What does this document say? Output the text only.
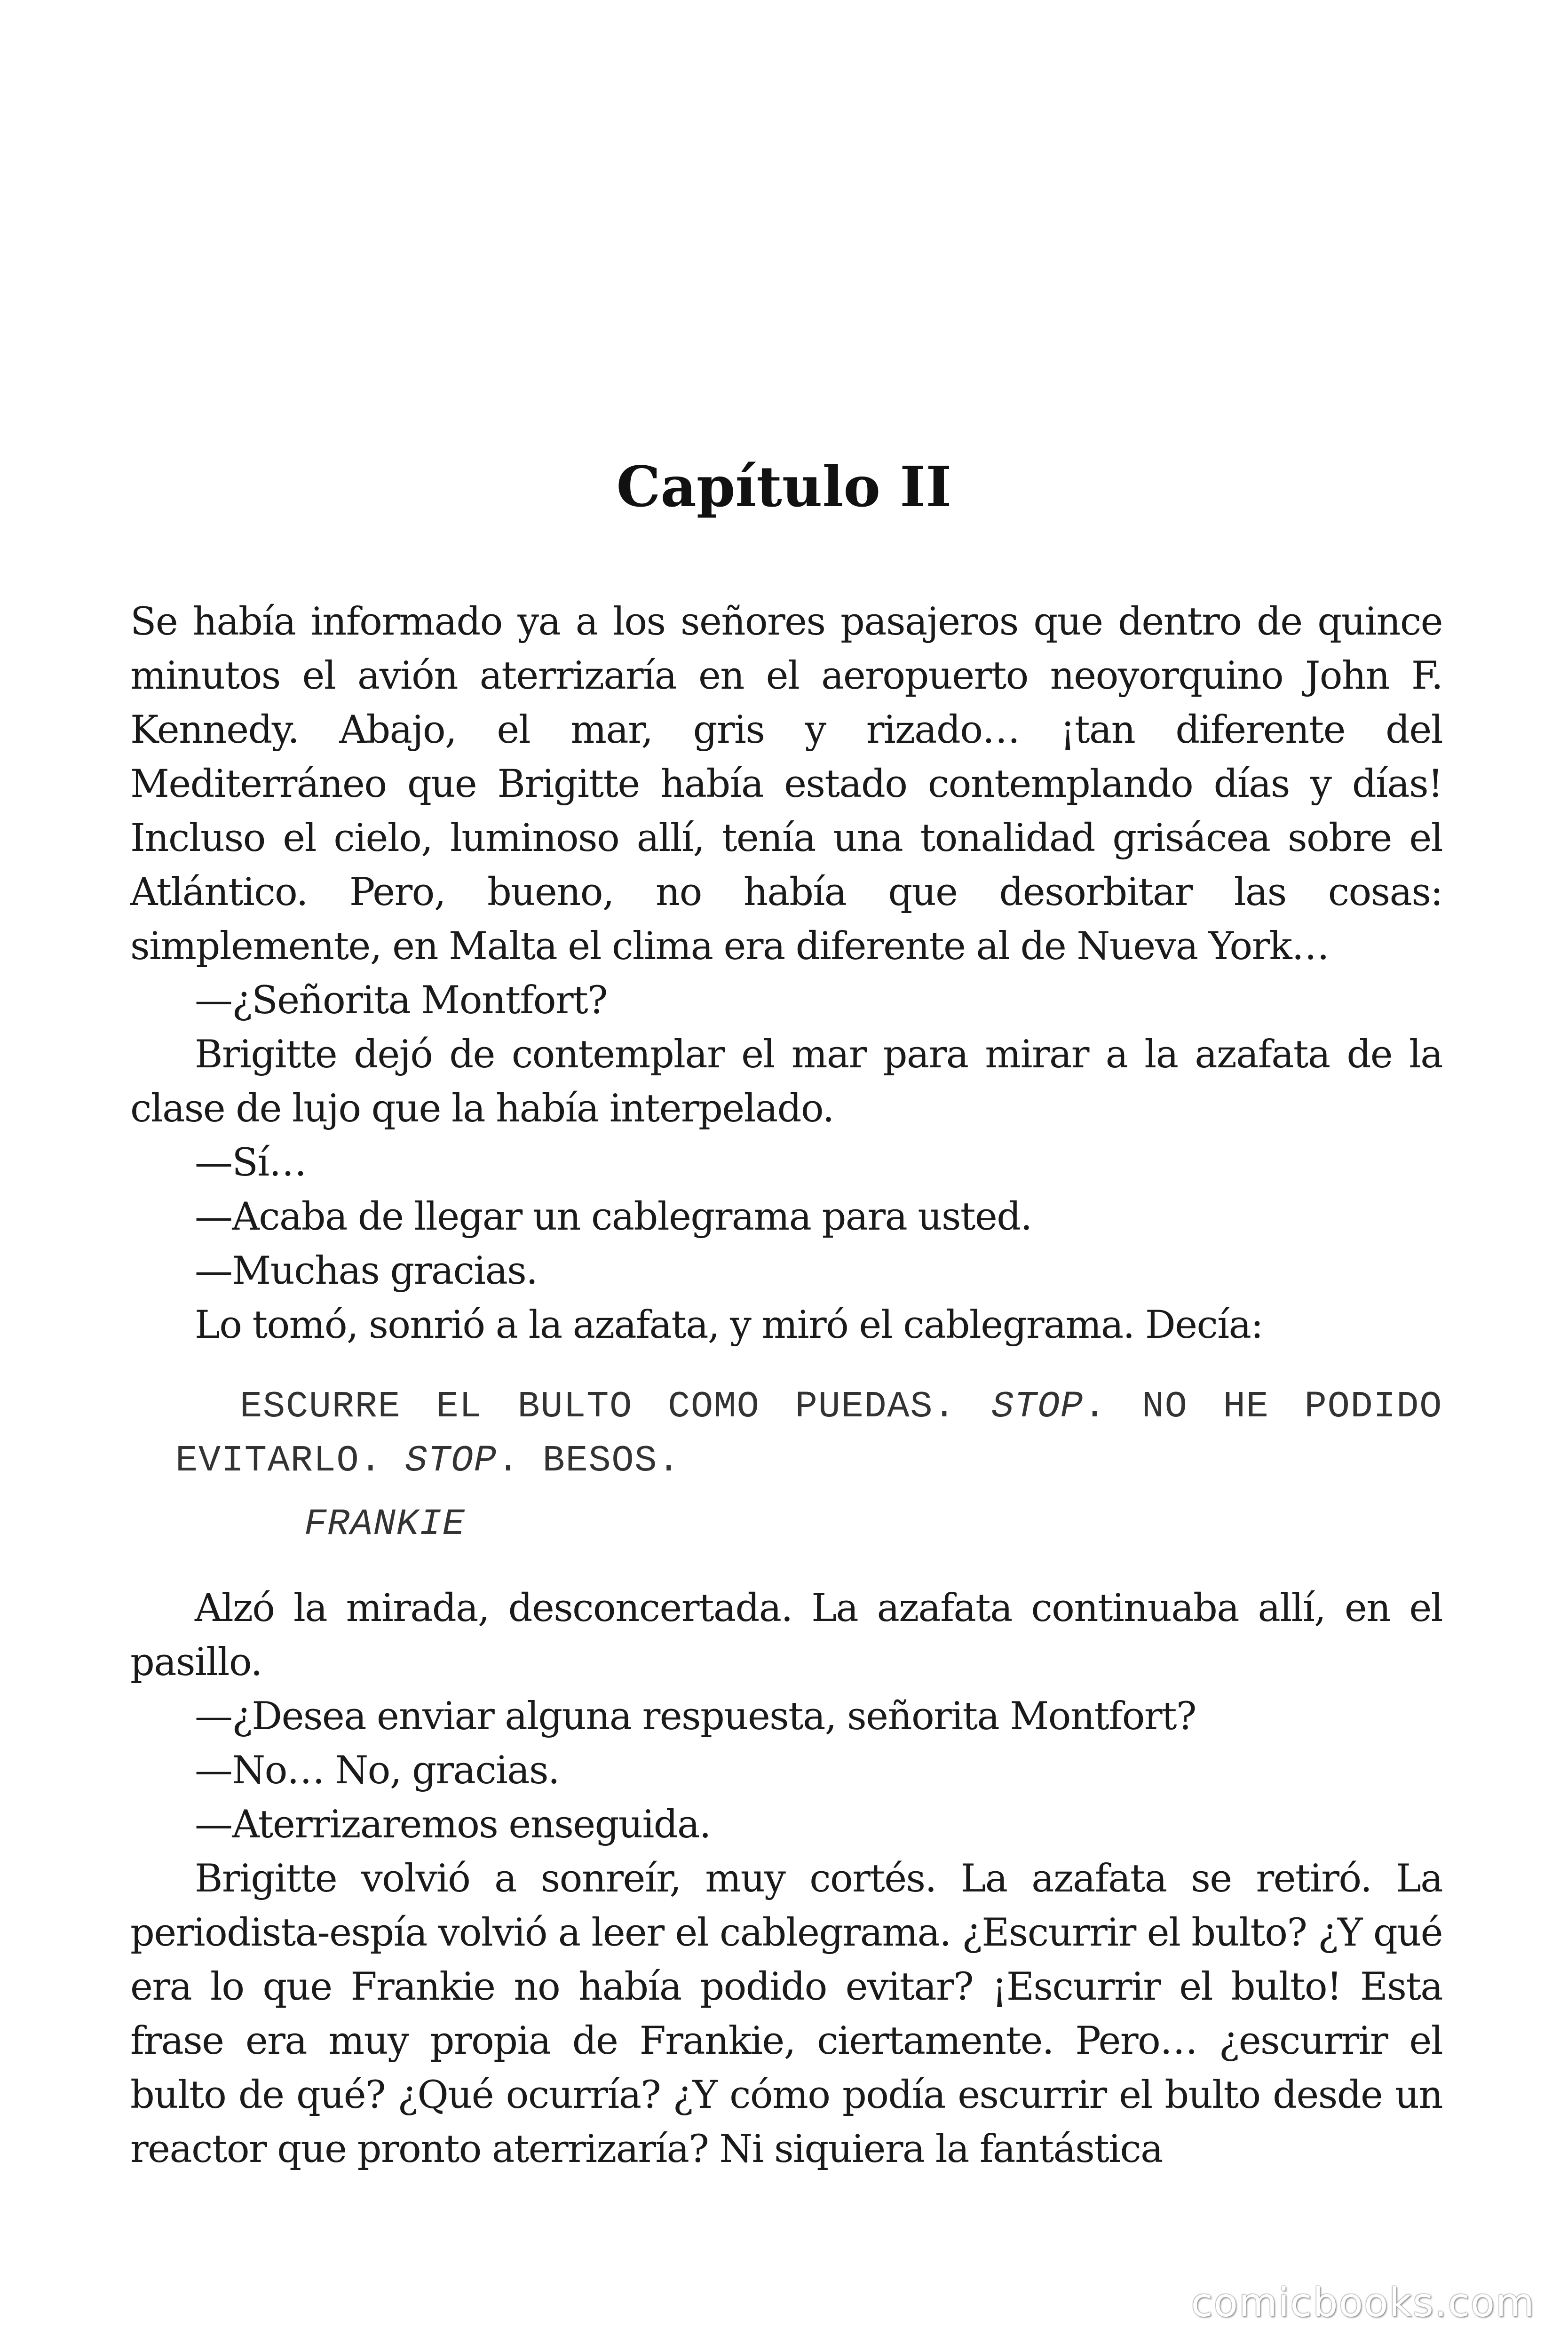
Capítulo II

Se había informado ya a los señores pasajeros que dentro de quince minutos el avión aterrizaría en el aeropuerto neoyorquino John F. Kennedy. Abajo, el mar, gris y rizado… ¡tan diferente del Mediterráneo que Brigitte había estado contemplando días y días! Incluso el cielo, luminoso allí, tenía una tonalidad grisácea sobre el Atlántico. Pero, bueno, no había que desorbitar las cosas: simplemente, en Malta el clima era diferente al de Nueva York…

—¿Señorita Montfort?

Brigitte dejó de contemplar el mar para mirar a la azafata de la clase de lujo que la había interpelado.

—Sí…

—Acaba de llegar un cablegrama para usted.

—Muchas gracias.

Lo tomó, sonrió a la azafata, y miró el cablegrama. Decía:

ESCURRE EL BULTO COMO PUEDAS. STOP. NO HE PODIDO EVITARLO. STOP. BESOS.

FRANKIE

Alzó la mirada, desconcertada. La azafata continuaba allí, en el pasillo.

—¿Desea enviar alguna respuesta, señorita Montfort?

—No… No, gracias.

—Aterrizaremos enseguida.

Brigitte volvió a sonreír, muy cortés. La azafata se retiró. La periodista-espía volvió a leer el cablegrama. ¿Escurrir el bulto? ¿Y qué era lo que Frankie no había podido evitar? ¡Escurrir el bulto! Esta frase era muy propia de Frankie, ciertamente. Pero… ¿escurrir el bulto de qué? ¿Qué ocurría? ¿Y cómo podía escurrir el bulto desde un reactor que pronto aterrizaría? Ni siquiera la fantástica

comicbooks.com
